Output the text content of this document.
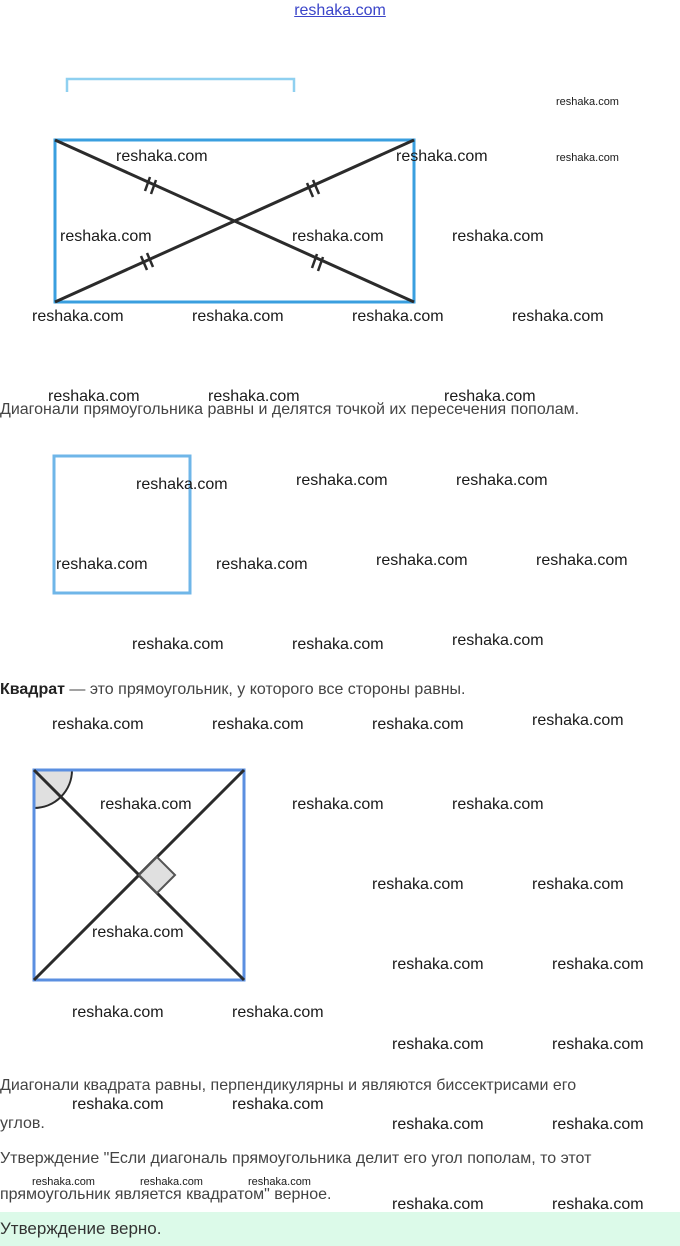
reshaka.com
Диагонали прямоугольника равны и делятся точкой их пересечения пополам.
Квадрат — это прямоугольник, у которого все стороны равны.
Диагонали квадрата равны, перпендикулярны и являются биссектрисами его
углов.
Утверждение "Если диагональ прямоугольника делит его угол пополам, то этот
прямоугольник является квадратом" верное.
Утверждение верно.
reshaka.com
reshaka.com
reshaka.com	reshaka.com
reshaka.com	reshaka.com	reshaka.com
reshaka.com	reshaka.com	reshaka.com	reshaka.com
reshaka.com	reshaka.com	reshaka.com
reshaka.com	reshaka.com	reshaka.com
reshaka.com	reshaka.com	reshaka.com	reshaka.com
reshaka.com	reshaka.com	reshaka.com
reshaka.com	reshaka.com	reshaka.com	reshaka.com
reshaka.com	reshaka.com	reshaka.com
reshaka.com	reshaka.com
reshaka.com
reshaka.com	reshaka.com
reshaka.com	reshaka.com
reshaka.com	reshaka.com
reshaka.com	reshaka.com
reshaka.com	reshaka.com
reshaka.com	reshaka.com	reshaka.com
reshaka.com	reshaka.com
